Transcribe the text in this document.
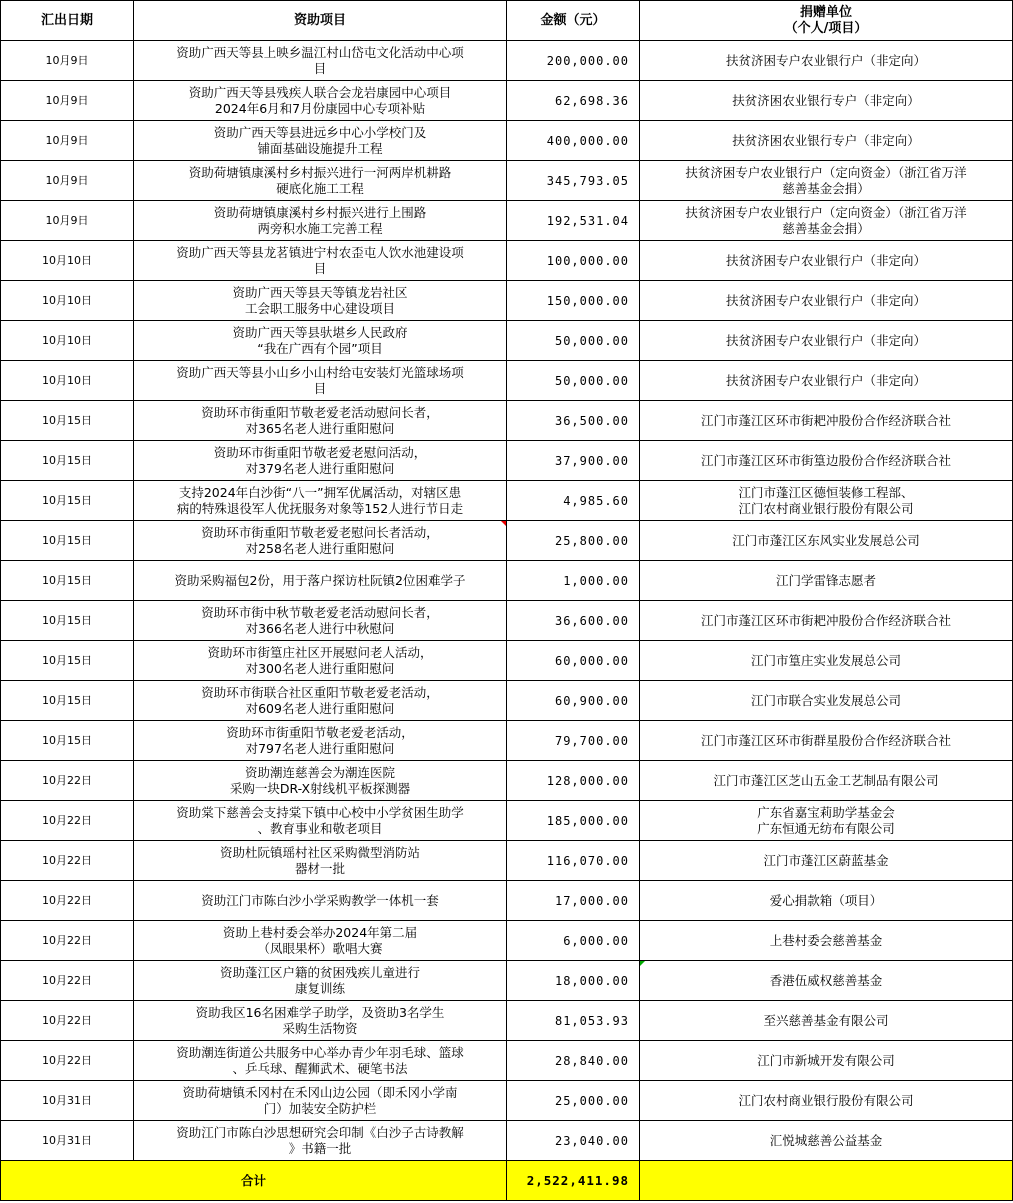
汇出日期	资助项目	金额（元）	捐赠单位
（个人/项目）

10月9日	资助广西天等县上映乡温江村山岱屯文化活动中心项
目	200,000.00	扶贫济困专户农业银行户（非定向）

10月9日	资助广西天等县残疾人联合会龙岩康园中心项目
2024年6月和7月份康园中心专项补贴	62,698.36	扶贫济困农业银行专户（非定向）

10月9日	资助广西天等县进远乡中心小学校门及
铺面基础设施提升工程	400,000.00	扶贫济困农业银行专户（非定向）

10月9日	资助荷塘镇康溪村乡村振兴进行一河两岸机耕路
硬底化施工工程	345,793.05	扶贫济困专户农业银行户（定向资金）（浙江省万洋
慈善基金会捐）

10月9日	资助荷塘镇康溪村乡村振兴进行上围路
两旁积水施工完善工程	192,531.04	扶贫济困专户农业银行户（定向资金）（浙江省万洋
慈善基金会捐）

10月10日	资助广西天等县龙茗镇进宁村农歪屯人饮水池建设项
目	100,000.00	扶贫济困专户农业银行户（非定向）

10月10日	资助广西天等县天等镇龙岩社区
工会职工服务中心建设项目	150,000.00	扶贫济困专户农业银行户（非定向）

10月10日	资助广西天等县驮堪乡人民政府
“我在广西有个园”项目	50,000.00	扶贫济困专户农业银行户（非定向）

10月10日	资助广西天等县小山乡小山村给屯安装灯光篮球场项
目	50,000.00	扶贫济困专户农业银行户（非定向）

10月15日	资助环市街重阳节敬老爱老活动慰问长者，
对365名老人进行重阳慰问	36,500.00	江门市蓬江区环市街耙冲股份合作经济联合社

10月15日	资助环市街重阳节敬老爱老慰问活动，
对379名老人进行重阳慰问	37,900.00	江门市蓬江区环市街篁边股份合作经济联合社

10月15日	支持2024年白沙街“八一”拥军优属活动，对辖区患
病的特殊退役军人优抚服务对象等152人进行节日走	4,985.60	江门市蓬江区德恒装修工程部、
江门农村商业银行股份有限公司

10月15日	资助环市街重阳节敬老爱老慰问长者活动，
对258名老人进行重阳慰问	25,800.00	江门市蓬江区东风实业发展总公司

10月15日	资助采购福包2份，用于落户探访杜阮镇2位困难学子	1,000.00	江门学雷锋志愿者

10月15日	资助环市街中秋节敬老爱老活动慰问长者，
对366名老人进行中秋慰问	36,600.00	江门市蓬江区环市街耙冲股份合作经济联合社

10月15日	资助环市街篁庄社区开展慰问老人活动，
对300名老人进行重阳慰问	60,000.00	江门市篁庄实业发展总公司

10月15日	资助环市街联合社区重阳节敬老爱老活动，
对609名老人进行重阳慰问	60,900.00	江门市联合实业发展总公司

10月15日	资助环市街重阳节敬老爱老活动，
对797名老人进行重阳慰问	79,700.00	江门市蓬江区环市街群星股份合作经济联合社

10月22日	资助潮连慈善会为潮连医院
采购一块DR-X射线机平板探测器	128,000.00	江门市蓬江区芝山五金工艺制品有限公司

10月22日	资助棠下慈善会支持棠下镇中心校中小学贫困生助学
、教育事业和敬老项目	185,000.00	广东省嘉宝莉助学基金会
广东恒通无纺布有限公司

10月22日	资助杜阮镇瑶村社区采购微型消防站
器材一批	116,070.00	江门市蓬江区蔚蓝基金

10月22日	资助江门市陈白沙小学采购教学一体机一套	17,000.00	爱心捐款箱（项目）

10月22日	资助上巷村委会举办2024年第二届
（凤眼果杯）歌唱大赛	6,000.00	上巷村委会慈善基金

10月22日	资助蓬江区户籍的贫困残疾儿童进行
康复训练	18,000.00	香港伍威权慈善基金

10月22日	资助我区16名困难学子助学，及资助3名学生
采购生活物资	81,053.93	至兴慈善基金有限公司

10月22日	资助潮连街道公共服务中心举办青少年羽毛球、篮球
、乒乓球、醒狮武术、硬笔书法	28,840.00	江门市新城开发有限公司

10月31日	资助荷塘镇禾冈村在禾冈山边公园（即禾冈小学南
门）加装安全防护栏	25,000.00	江门农村商业银行股份有限公司

10月31日	资助江门市陈白沙思想研究会印制《白沙子古诗教解
》书籍一批	23,040.00	汇悦城慈善公益基金

合计		2,522,411.98	
